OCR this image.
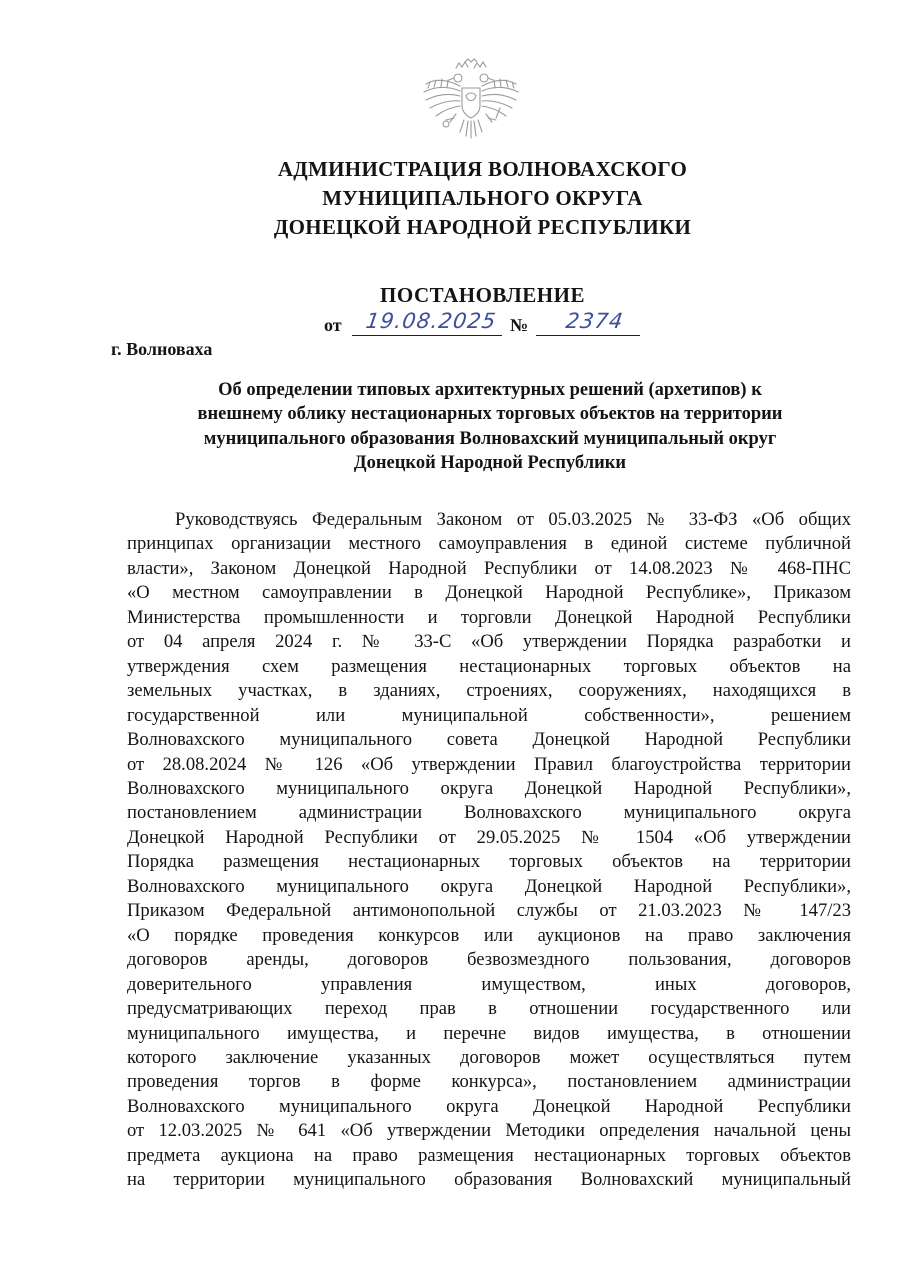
АДМИНИСТРАЦИЯ ВОЛНОВАХСКОГО
МУНИЦИПАЛЬНОГО ОКРУГА
ДОНЕЦКОЙ НАРОДНОЙ РЕСПУБЛИКИ
ПОСТАНОВЛЕНИЕ
от 19.08.2025 № 2374
г. Волноваха
Об определении типовых архитектурных решений (архетипов) к
внешнему облику нестационарных торговых объектов на территории
муниципального образования Волновахский муниципальный округ
Донецкой Народной Республики
Руководствуясь Федеральным Законом от 05.03.2025 № 33-ФЗ «Об общих
принципах организации местного самоуправления в единой системе публичной
власти», Законом Донецкой Народной Республики от 14.08.2023 № 468-ПНС
«О местном самоуправлении в Донецкой Народной Республике», Приказом
Министерства промышленности и торговли Донецкой Народной Республики
от 04 апреля 2024 г. № 33-С «Об утверждении Порядка разработки и
утверждения схем размещения нестационарных торговых объектов на
земельных участках, в зданиях, строениях, сооружениях, находящихся в
государственной или муниципальной собственности», решением
Волновахского муниципального совета Донецкой Народной Республики
от 28.08.2024 № 126 «Об утверждении Правил благоустройства территории
Волновахского муниципального округа Донецкой Народной Республики»,
постановлением администрации Волновахского муниципального округа
Донецкой Народной Республики от 29.05.2025 № 1504 «Об утверждении
Порядка размещения нестационарных торговых объектов на территории
Волновахского муниципального округа Донецкой Народной Республики»,
Приказом Федеральной антимонопольной службы от 21.03.2023 № 147/23
«О порядке проведения конкурсов или аукционов на право заключения
договоров аренды, договоров безвозмездного пользования, договоров
доверительного управления имуществом, иных договоров,
предусматривающих переход прав в отношении государственного или
муниципального имущества, и перечне видов имущества, в отношении
которого заключение указанных договоров может осуществляться путем
проведения торгов в форме конкурса», постановлением администрации
Волновахского муниципального округа Донецкой Народной Республики
от 12.03.2025 № 641 «Об утверждении Методики определения начальной цены
предмета аукциона на право размещения нестационарных торговых объектов
на территории муниципального образования Волновахский муниципальный
